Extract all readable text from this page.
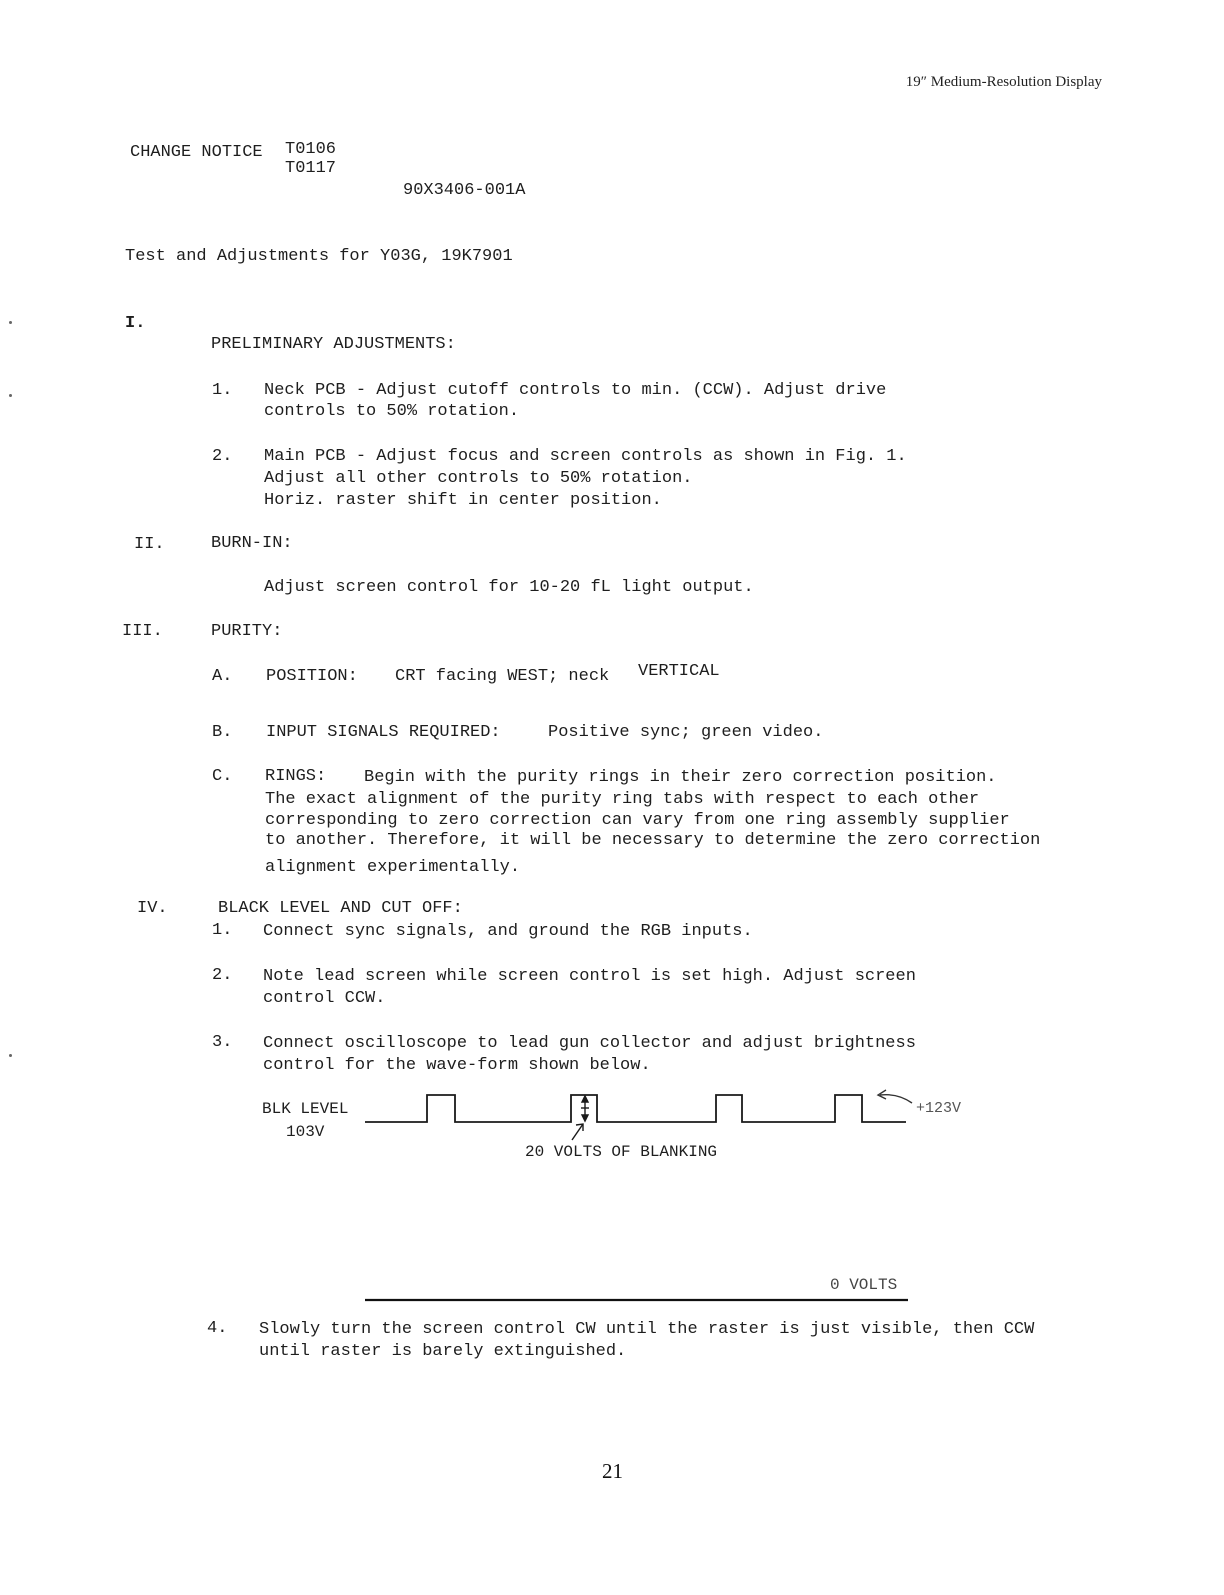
19″ Medium-Resolution Display
CHANGE NOTICE T0106
T0117
90X3406-001A
Test and Adjustments for Y03G, 19K7901
I.
PRELIMINARY ADJUSTMENTS:
1. Neck PCB - Adjust cutoff controls to min. (CCW). Adjust drive
controls to 50% rotation.
2. Main PCB - Adjust focus and screen controls as shown in Fig. 1.
Adjust all other controls to 50% rotation.
Horiz. raster shift in center position.
II.	BURN-IN:
Adjust screen control for 10-20 fL light output.
III.	PURITY:
A. POSITION: CRT facing WEST; neck VERTICAL
B. INPUT SIGNALS REQUIRED:	Positive sync; green video.
C. RINGS: Begin with the purity rings in their zero correction position.
The exact alignment of the purity ring tabs with respect to each other
corresponding to zero correction can vary from one ring assembly supplier
to another. Therefore, it will be necessary to determine the zero correction
alignment experimentally.
IV.	BLACK LEVEL AND CUT OFF:
1. Connect sync signals, and ground the RGB inputs.
2. Note lead screen while screen control is set high. Adjust screen
control CCW.
3. Connect oscilloscope to lead gun collector and adjust brightness
control for the wave-form shown below.
BLK LEVEL
103V
+123V
20 VOLTS OF BLANKING
0 VOLTS
4. Slowly turn the screen control CW until the raster is just visible, then CCW
until raster is barely extinguished.
21
